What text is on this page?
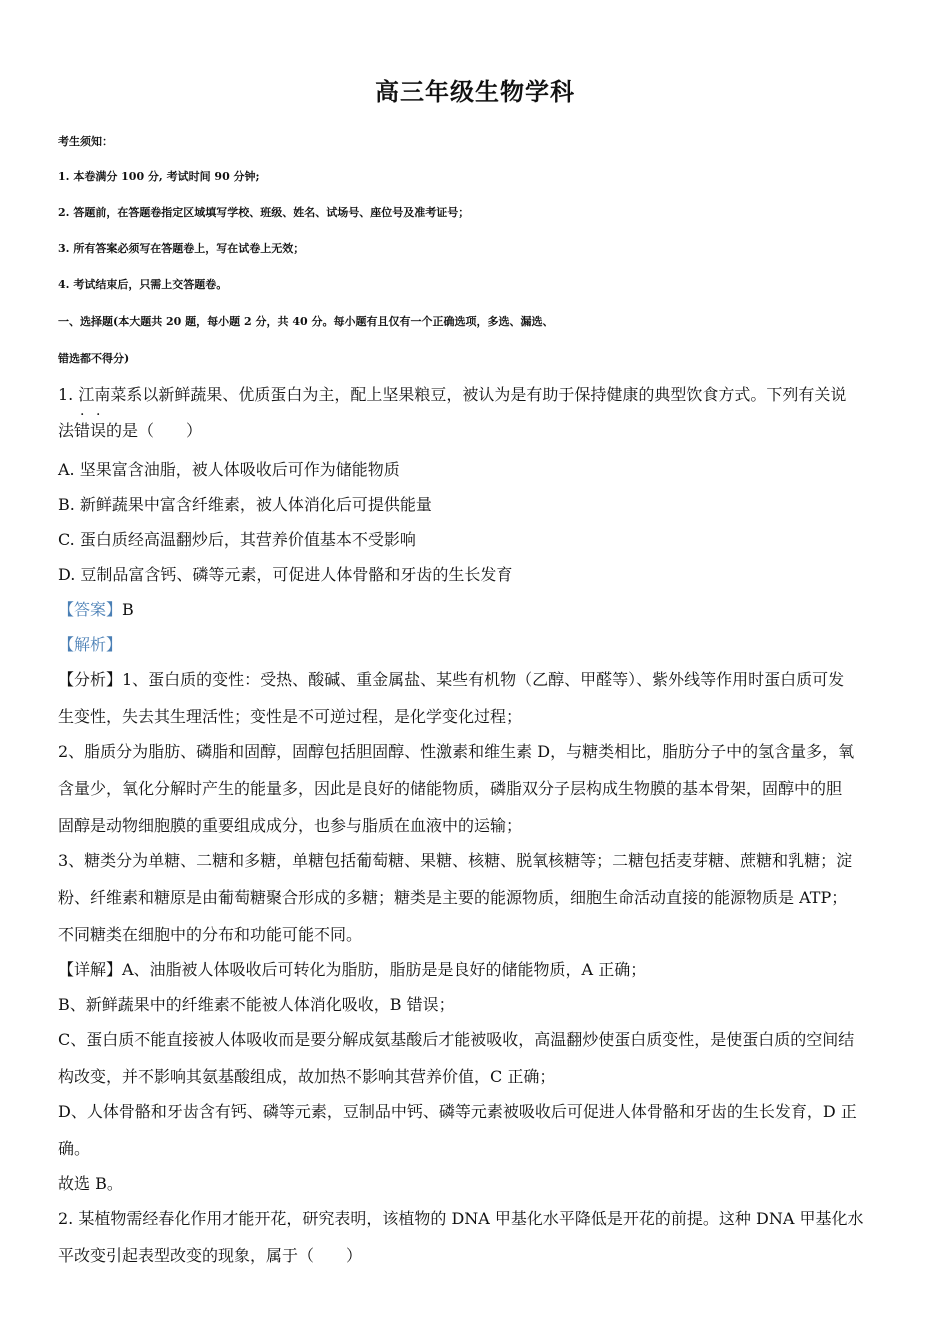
高三年级生物学科
考生须知：
1. 本卷满分 100 分, 考试时间 90 分钟;
2. 答题前，在答题卷指定区域填写学校、班级、姓名、试场号、座位号及准考证号；
3. 所有答案必须写在答题卷上，写在试卷上无效；
4. 考试结束后，只需上交答题卷。
一、选择题(本大题共 20 题，每小题 2 分，共 40 分。每小题有且仅有一个正确选项，多选、漏选、
错选都不得分)
1. 江南菜系以新鲜蔬果、优质蛋白为主，配上坚果粮豆，被认为是有助于保持健康的典型饮食方式。下列有关说
法错误的是（　　）
· ·
A. 坚果富含油脂，被人体吸收后可作为储能物质
B. 新鲜蔬果中富含纤维素，被人体消化后可提供能量
C. 蛋白质经高温翻炒后，其营养价值基本不受影响
D. 豆制品富含钙、磷等元素，可促进人体骨骼和牙齿的生长发育
【答案】B
【解析】
【分析】1、蛋白质的变性：受热、酸碱、重金属盐、某些有机物（乙醇、甲醛等）、紫外线等作用时蛋白质可发
生变性，失去其生理活性；变性是不可逆过程，是化学变化过程；
2、脂质分为脂肪、磷脂和固醇，固醇包括胆固醇、性激素和维生素 D，与糖类相比，脂肪分子中的氢含量多，氧
含量少，氧化分解时产生的能量多，因此是良好的储能物质，磷脂双分子层构成生物膜的基本骨架，固醇中的胆
固醇是动物细胞膜的重要组成成分，也参与脂质在血液中的运输；
3、糖类分为单糖、二糖和多糖，单糖包括葡萄糖、果糖、核糖、脱氧核糖等；二糖包括麦芽糖、蔗糖和乳糖；淀
粉、纤维素和糖原是由葡萄糖聚合形成的多糖；糖类是主要的能源物质，细胞生命活动直接的能源物质是 ATP；
不同糖类在细胞中的分布和功能可能不同。
【详解】A、油脂被人体吸收后可转化为脂肪，脂肪是是良好的储能物质，A 正确；
B、新鲜蔬果中的纤维素不能被人体消化吸收，B 错误；
C、蛋白质不能直接被人体吸收而是要分解成氨基酸后才能被吸收，高温翻炒使蛋白质变性，是使蛋白质的空间结
构改变，并不影响其氨基酸组成，故加热不影响其营养价值，C 正确；
D、人体骨骼和牙齿含有钙、磷等元素，豆制品中钙、磷等元素被吸收后可促进人体骨骼和牙齿的生长发育，D 正
确。
故选 B。
2. 某植物需经春化作用才能开花，研究表明，该植物的 DNA 甲基化水平降低是开花的前提。这种 DNA 甲基化水
平改变引起表型改变的现象，属于（　　）
